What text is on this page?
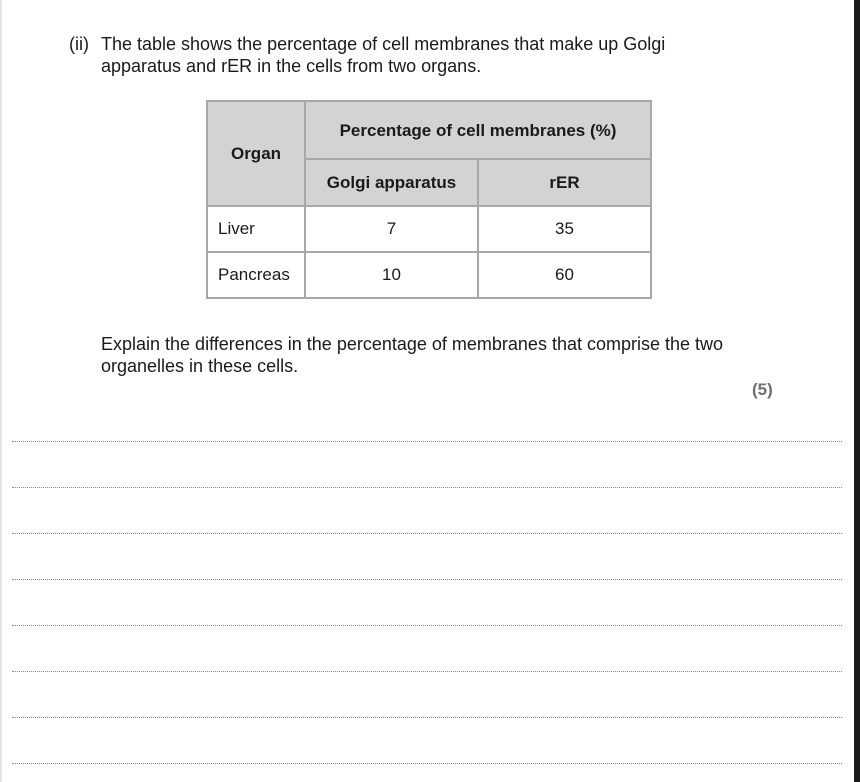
(ii) The table shows the percentage of cell membranes that make up Golgi apparatus and rER in the cells from two organs.
Organ	Percentage of cell membranes (%)	
	Golgi apparatus	rER
Liver	7	35
Pancreas	10	60
Explain the differences in the percentage of membranes that comprise the two organelles in these cells.
(5)
